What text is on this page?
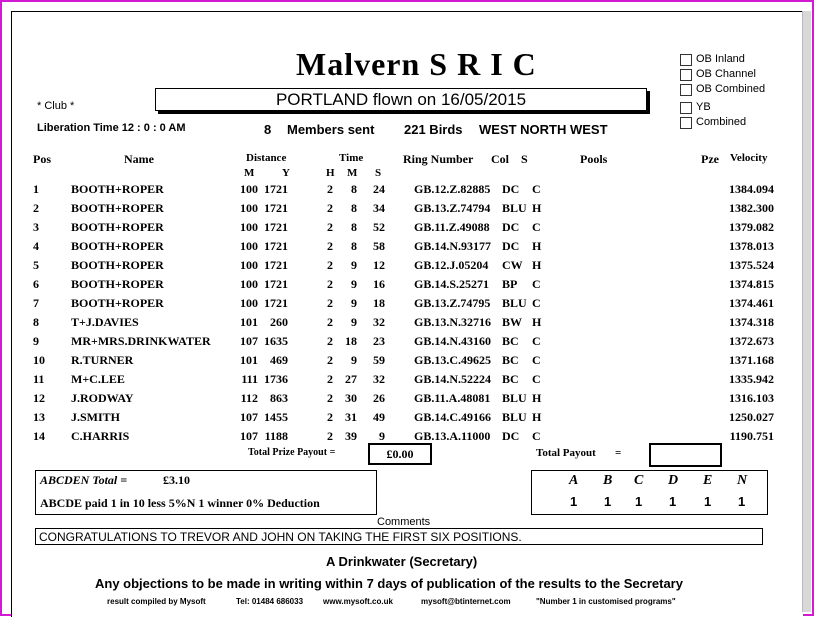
* Club *
Malvern S R I C
PORTLAND flown on 16/05/2015
OB Inland
OB Channel
OB Combined
YB
Combined
Liberation Time 12 : 0 : 0 AM	8 Members sent 221 Birds WEST NORTH WEST
Pos	Name	Distance
M	Y
Time
H M S
Ring Number Col S	Pools	Pze Velocity
1	BOOTH+ROPER	100 1721	2 8 24 GB.12.Z.82885 DC C	1384.094
2	BOOTH+ROPER	100 1721	2 8 34 GB.13.Z.74794 BLU H	1382.300
3	BOOTH+ROPER	100 1721	2 8 52 GB.11.Z.49088 DC C	1379.082
4	BOOTH+ROPER	100 1721	2 8 58 GB.14.N.93177 DC H	1378.013
5	BOOTH+ROPER	100 1721	2 9 12 GB.12.J.05204 CW H	1375.524
6	BOOTH+ROPER	100 1721	2 9 16 GB.14.S.25271 BP C	1374.815
7	BOOTH+ROPER	100 1721	2 9 18 GB.13.Z.74795 BLU C	1374.461
8	T+J.DAVIES	101 260	2 9 32 GB.13.N.32716 BW H	1374.318
9	MR+MRS.DRINKWATER 107 1635	2 18 23 GB.14.N.43160 BC C	1372.673
10 R.TURNER	101 469	2 9 59 GB.13.C.49625 BC C	1371.168
11 M+C.LEE	111 1736	2 27 32 GB.14.N.52224 BC C	1335.942
12 J.RODWAY	112 863	2 30 26 GB.11.A.48081 BLU H	1316.103
13 J.SMITH	107 1455	2 31 49 GB.14.C.49166 BLU H	1250.027
14 C.HARRIS	107 1188	2 39 9 GB.13.A.11000 DC C	1190.751
Total Prize Payout =	£0.00	Total Payout =
ABCDEN Total =	£3.10
ABCDE paid 1 in 10 less 5%N 1 winner 0% Deduction
A
1
B
1
C
1
D
1
E
1
N
1
Comments
CONGRATULATIONS TO TREVOR AND JOHN ON TAKING THE FIRST SIX POSITIONS.
A Drinkwater (Secretary)
Any objections to be made in writing within 7 days of publication of the results to the Secretary
result compiled by Mysoft	Tel: 01484 686033 www.mysoft.co.uk	mysoft@btinternet.com	"Number 1 in customised programs"
